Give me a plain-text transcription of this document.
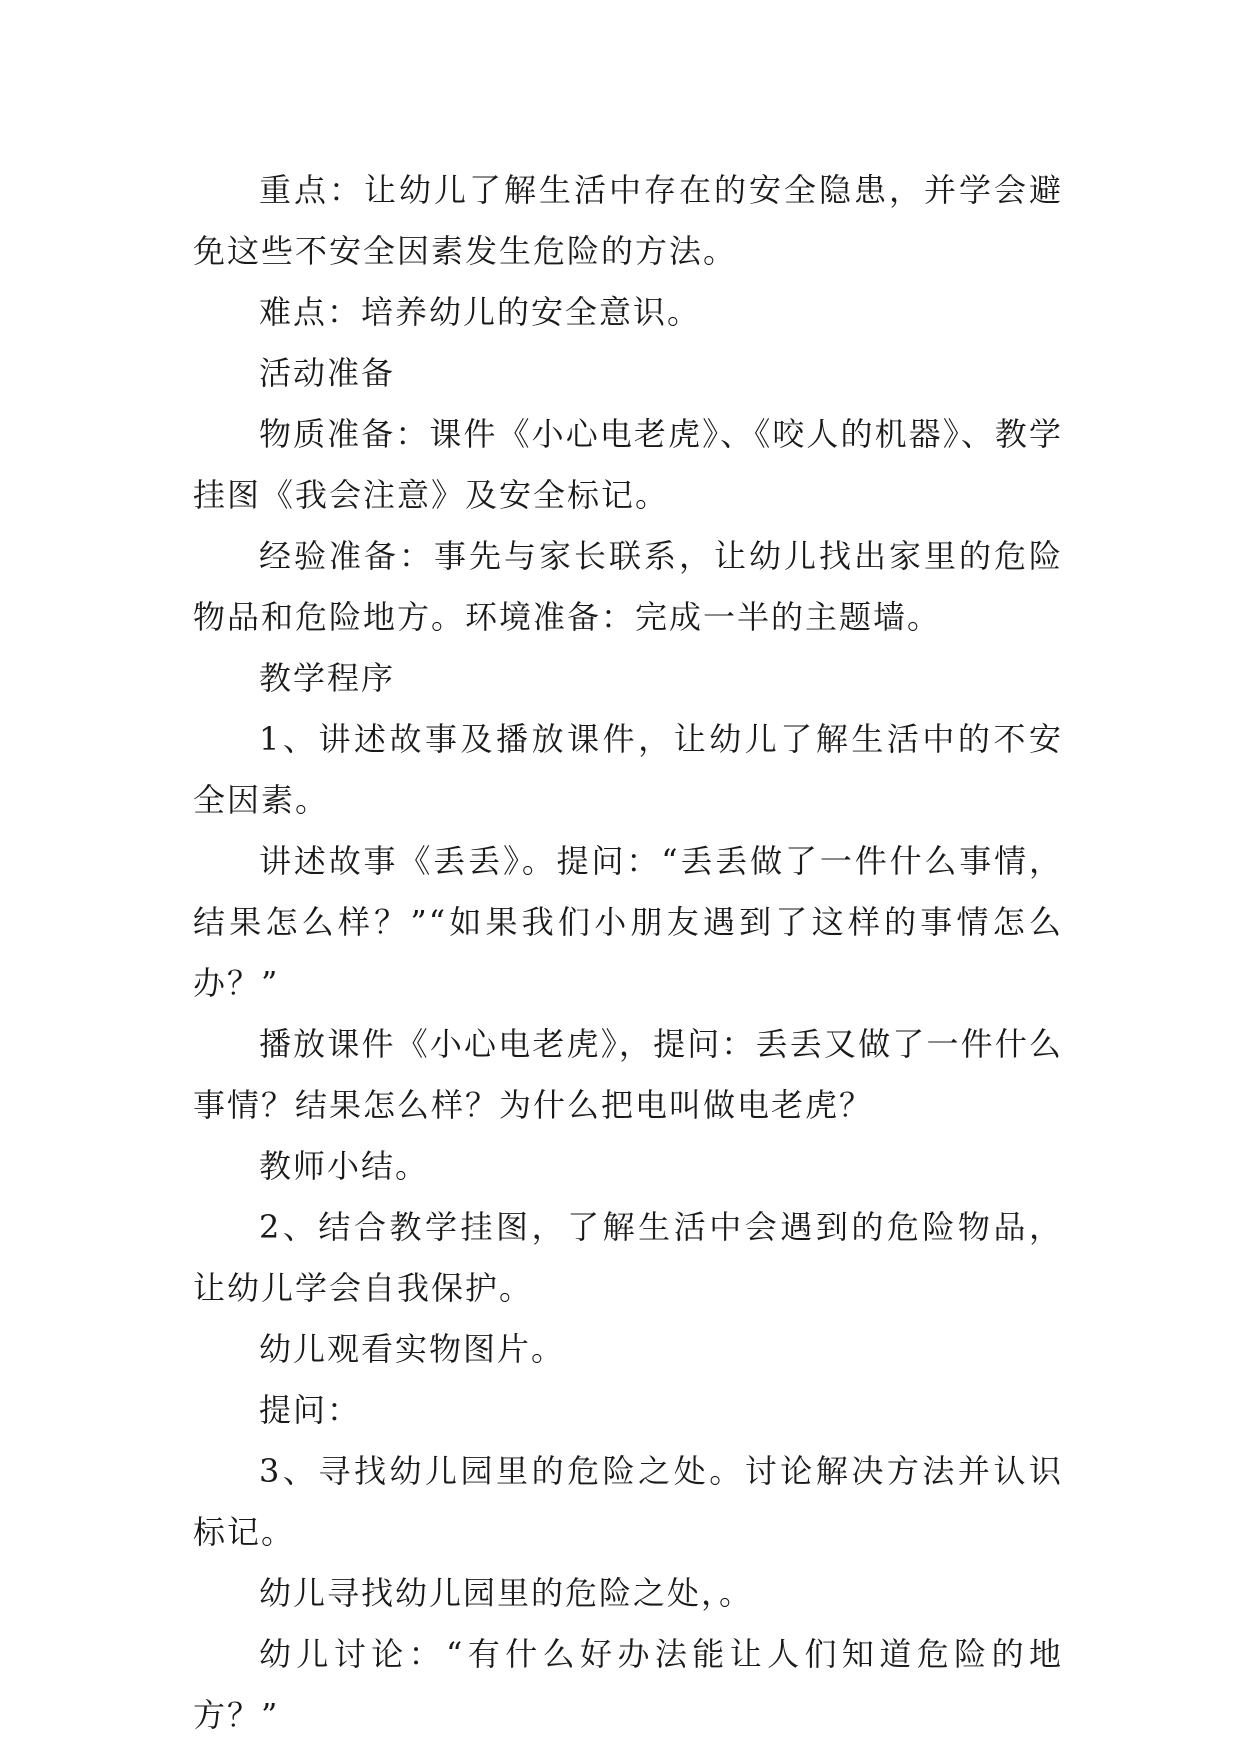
重点：让幼儿了解生活中存在的安全隐患，并学会避免这些不安全因素发生危险的方法。

难点：培养幼儿的安全意识。

活动准备

物质准备：课件《小心电老虎》、《咬人的机器》、教学挂图《我会注意》及安全标记。

经验准备：事先与家长联系，让幼儿找出家里的危险物品和危险地方。环境准备：完成一半的主题墙。

教学程序

1、讲述故事及播放课件，让幼儿了解生活中的不安全因素。

讲述故事《丢丢》。提问：“丢丢做了一件什么事情，结果怎么样？”“如果我们小朋友遇到了这样的事情怎么办？”

播放课件《小心电老虎》，提问：丢丢又做了一件什么事情？结果怎么样？为什么把电叫做电老虎？

教师小结。

2、结合教学挂图，了解生活中会遇到的危险物品，让幼儿学会自我保护。

幼儿观看实物图片。

提问：

3、寻找幼儿园里的危险之处。讨论解决方法并认识标记。

幼儿寻找幼儿园里的危险之处，。

幼儿讨论：“有什么好办法能让人们知道危险的地方？”
